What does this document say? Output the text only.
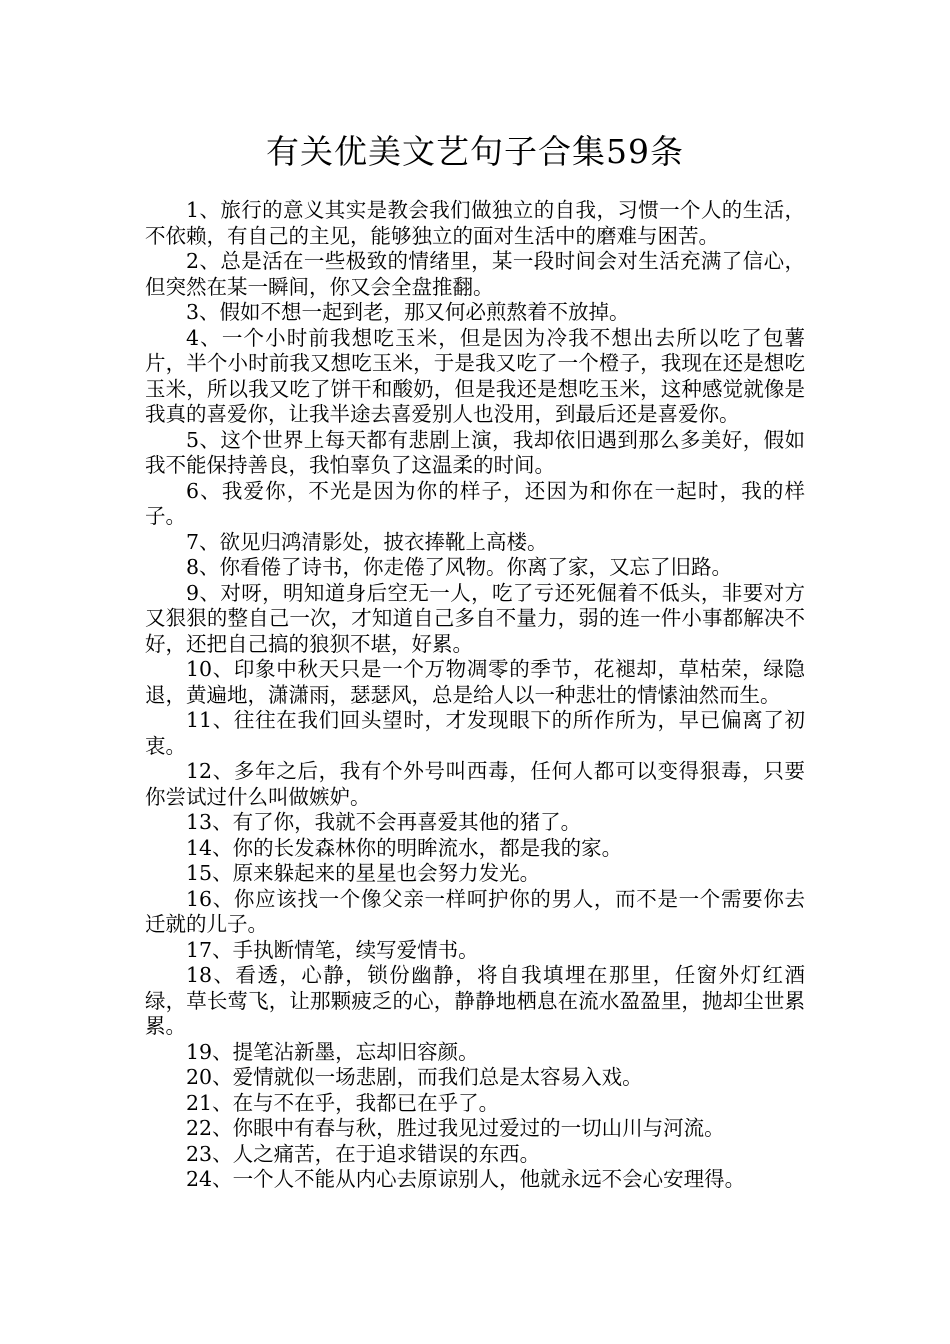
有关优美文艺句子合集59条

1、旅行的意义其实是教会我们做独立的自我，习惯一个人的生活，不依赖，有自己的主见，能够独立的面对生活中的磨难与困苦。

2、总是活在一些极致的情绪里，某一段时间会对生活充满了信心，但突然在某一瞬间，你又会全盘推翻。

3、假如不想一起到老，那又何必煎熬着不放掉。

4、一个小时前我想吃玉米，但是因为冷我不想出去所以吃了包薯片，半个小时前我又想吃玉米，于是我又吃了一个橙子，我现在还是想吃玉米，所以我又吃了饼干和酸奶，但是我还是想吃玉米，这种感觉就像是我真的喜爱你，让我半途去喜爱别人也没用，到最后还是喜爱你。

5、这个世界上每天都有悲剧上演，我却依旧遇到那么多美好，假如我不能保持善良，我怕辜负了这温柔的时间。

6、我爱你，不光是因为你的样子，还因为和你在一起时，我的样子。

7、欲见归鸿清影处，披衣捧靴上高楼。

8、你看倦了诗书，你走倦了风物。你离了家，又忘了旧路。

9、对呀，明知道身后空无一人，吃了亏还死倔着不低头，非要对方又狠狠的整自己一次，才知道自己多自不量力，弱的连一件小事都解决不好，还把自己搞的狼狈不堪，好累。

10、印象中秋天只是一个万物凋零的季节，花褪却，草枯荣，绿隐退，黄遍地，潇潇雨，瑟瑟风，总是给人以一种悲壮的情愫油然而生。

11、往往在我们回头望时，才发现眼下的所作所为，早已偏离了初衷。

12、多年之后，我有个外号叫西毒，任何人都可以变得狠毒，只要你尝试过什么叫做嫉妒。

13、有了你，我就不会再喜爱其他的猪了。

14、你的长发森林你的明眸流水，都是我的家。

15、原来躲起来的星星也会努力发光。

16、你应该找一个像父亲一样呵护你的男人，而不是一个需要你去迁就的儿子。

17、手执断情笔，续写爱情书。

18、看透，心静，锁份幽静，将自我填埋在那里，任窗外灯红酒绿，草长莺飞，让那颗疲乏的心，静静地栖息在流水盈盈里，抛却尘世累累。

19、提笔沾新墨，忘却旧容颜。

20、爱情就似一场悲剧，而我们总是太容易入戏。

21、在与不在乎，我都已在乎了。

22、你眼中有春与秋，胜过我见过爱过的一切山川与河流。

23、人之痛苦，在于追求错误的东西。

24、一个人不能从内心去原谅别人，他就永远不会心安理得。
